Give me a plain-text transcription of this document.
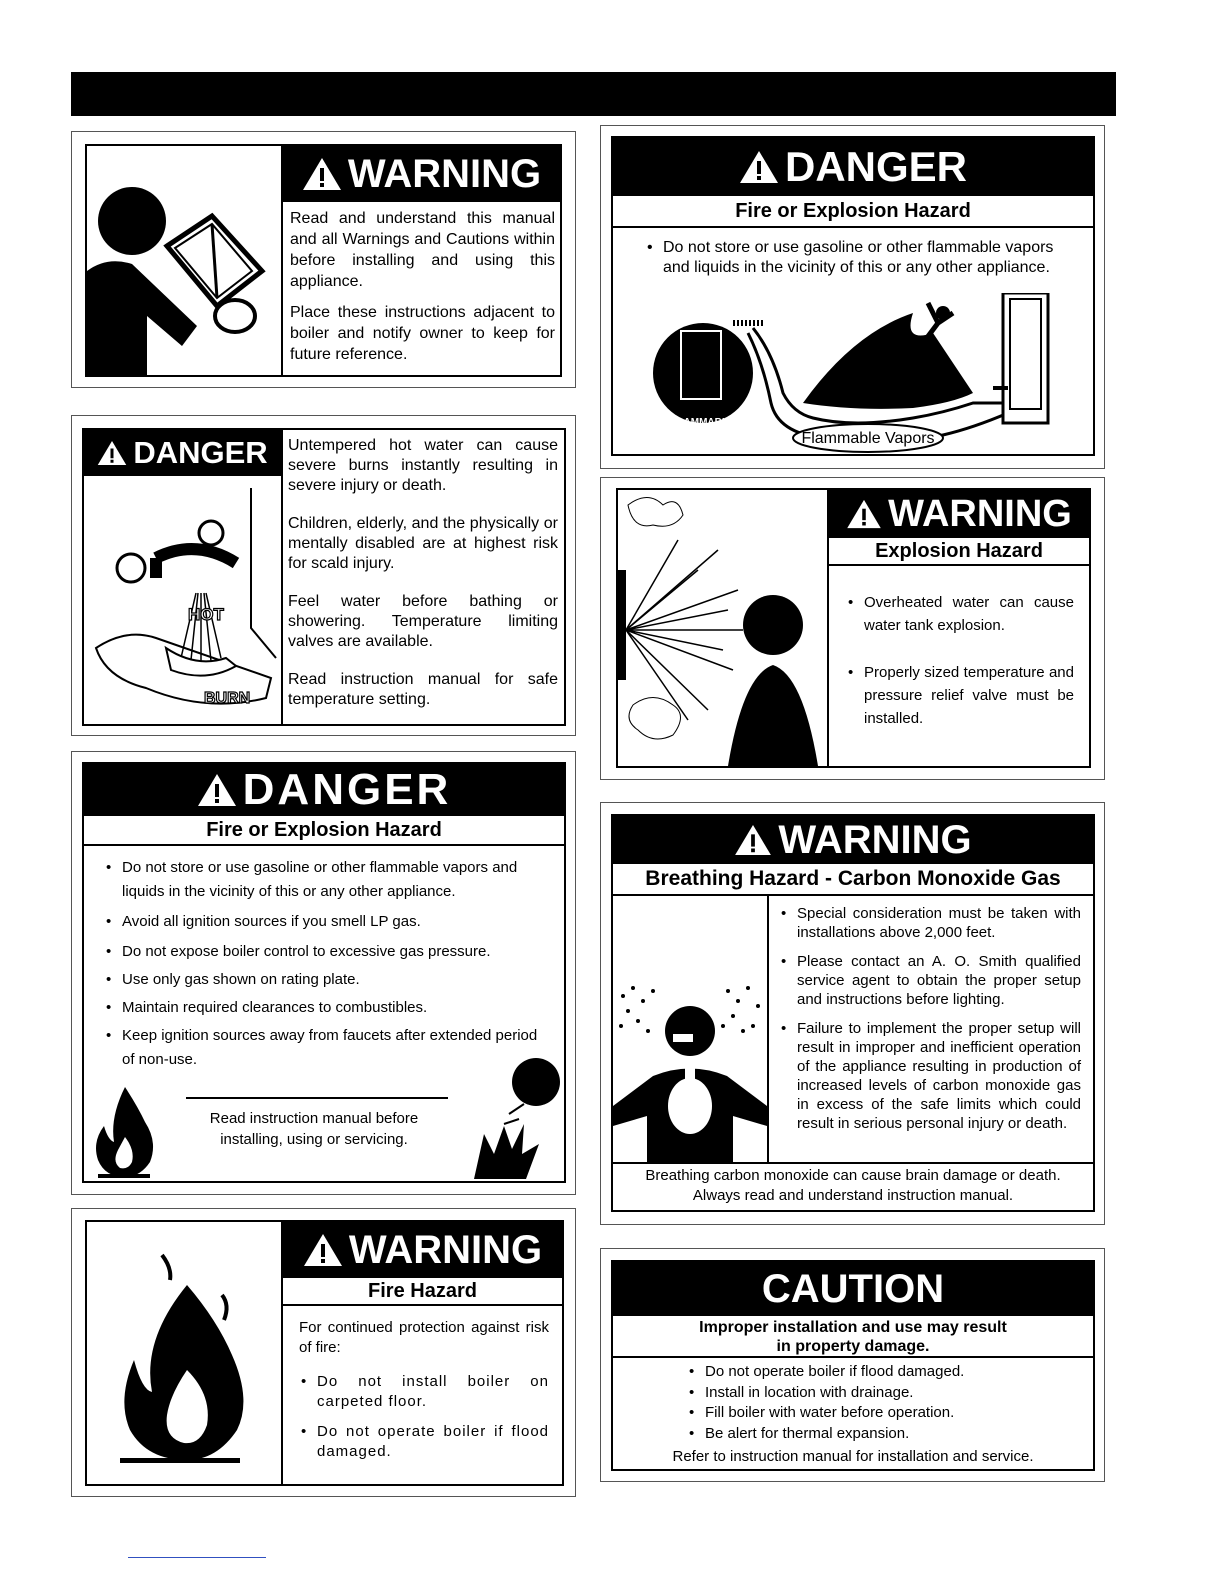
WARNING

Read and understand this manual and all Warnings and Cautions within before installing and using this appliance.

Place these instructions adjacent to boiler and notify owner to keep for future reference.

DANGER
HOT
BURN

Untempered hot water can cause severe burns instantly resulting in severe injury or death.

Children, elderly, and the physically or mentally disabled are at highest risk for scald injury.

Feel water before bathing or showering. Temperature limiting valves are available.

Read instruction manual for safe temperature setting.

DANGER
Fire or Explosion Hazard
• Do not store or use gasoline or other flammable vapors and liquids in the vicinity of this or any other appliance.
• Avoid all ignition sources if you smell LP gas.
• Do not expose boiler control to excessive gas pressure.
• Use only gas shown on rating plate.
• Maintain required clearances to combustibles.
• Keep ignition sources away from faucets after extended period of non-use.
Read instruction manual before
installing, using or servicing.
WARNING
Fire Hazard

For continued protection against risk of fire:

• Do not install boiler on carpeted floor.
• Do not operate boiler if flood damaged.
DANGER
Fire or Explosion Hazard
• Do not store or use gasoline or other flammable vapors and liquids in the vicinity of this or any other appliance.
FLAMMABLE
Flammable Vapors
WARNING
Explosion Hazard
• Overheated water can cause water tank explosion.
• Properly sized temperature and pressure relief valve must be installed.
WARNING
Breathing Hazard - Carbon Monoxide Gas
• Special consideration must be taken with installations above 2,000 feet.
• Please contact an A. O. Smith qualified service agent to obtain the proper setup and instructions before lighting.
• Failure to implement the proper setup will result in improper and inefficient operation of the appliance resulting in production of increased levels of carbon monoxide gas in excess of the safe limits which could result in serious personal injury or death.
Breathing carbon monoxide can cause brain damage or death.
Always read and understand instruction manual.
CAUTION
Improper installation and use may result
in property damage.
• Do not operate boiler if flood damaged.
• Install in location with drainage.
• Fill boiler with water before operation.
• Be alert for thermal expansion.
Refer to instruction manual for installation and service.
